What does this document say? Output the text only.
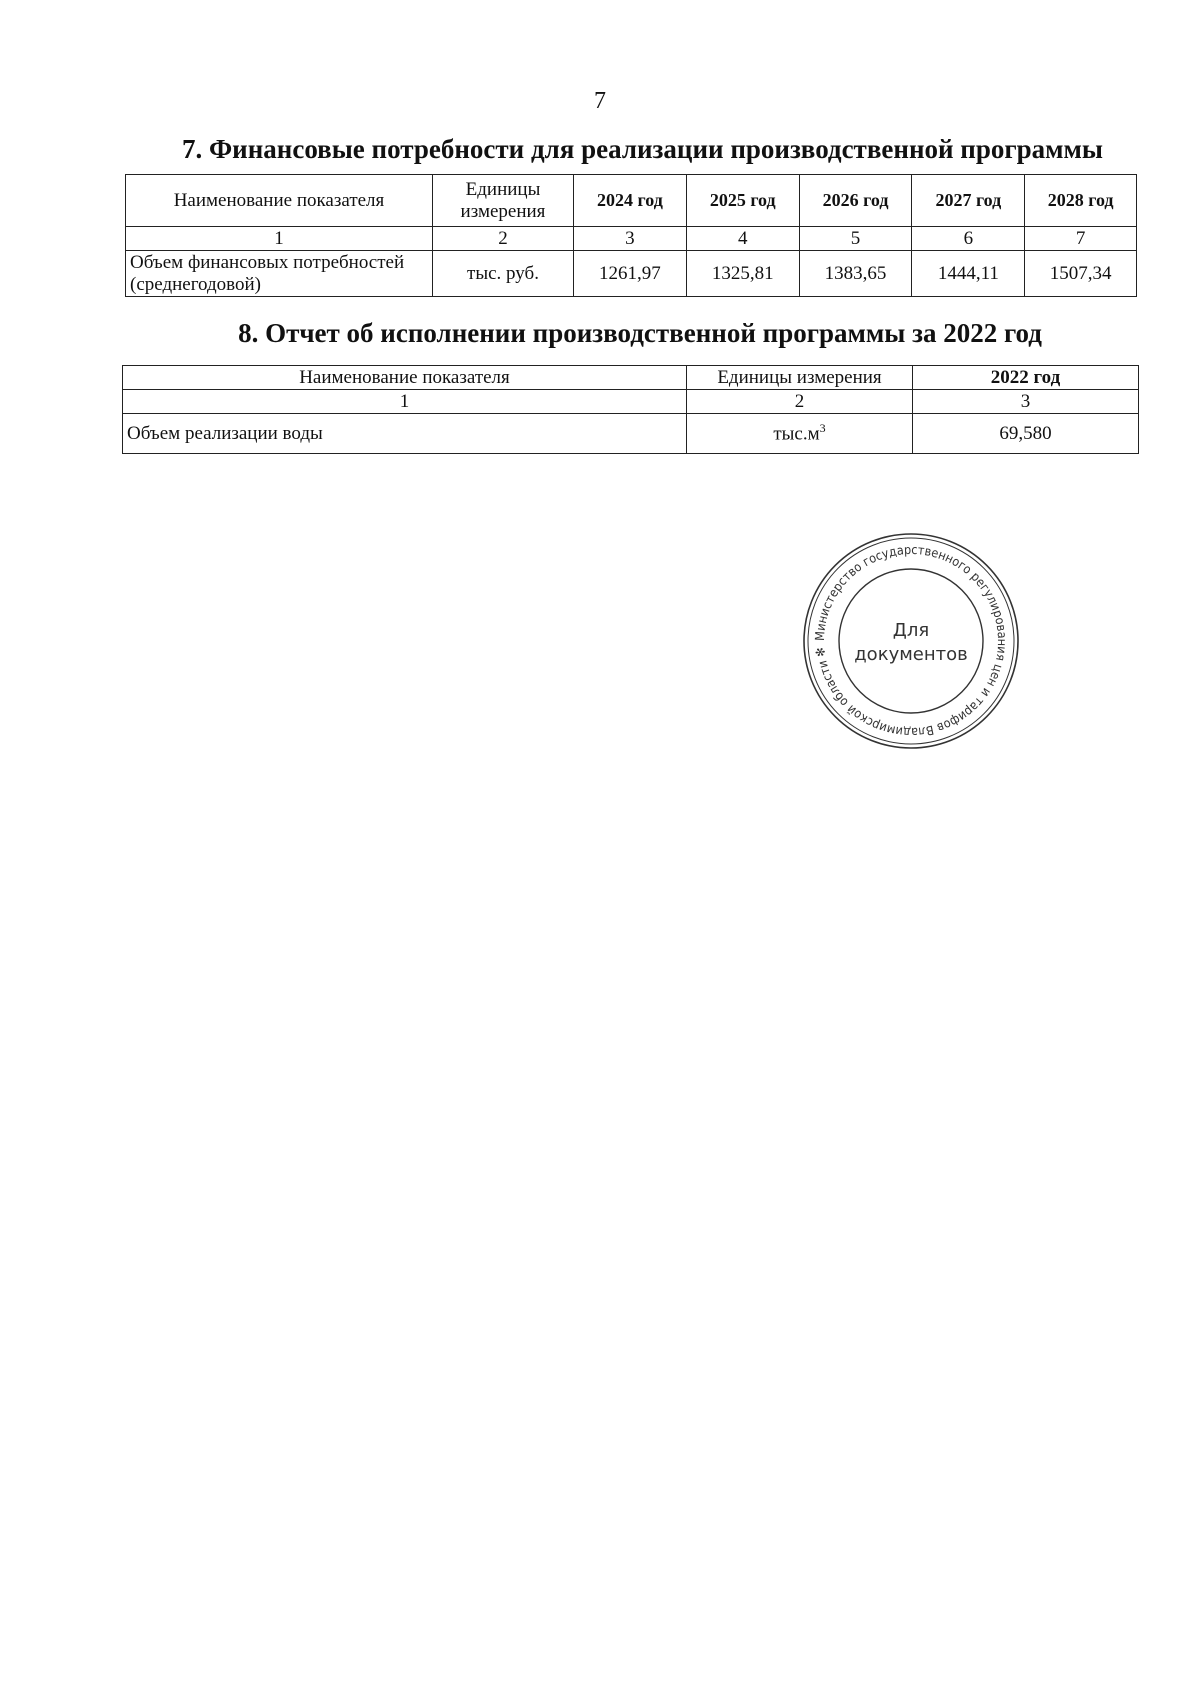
7
7. Финансовые потребности для реализации производственной программы
Наименование показателя	Единицы измерения	2024 год	2025 год	2026 год	2027 год	2028 год
1	2	3	4	5	6	7
Объем финансовых потребностей (среднегодовой)	тыс. руб.	1261,97	1325,81	1383,65	1444,11	1507,34
8. Отчет об исполнении производственной программы за 2022 год
Наименование показателя	Единицы измерения	2022 год
1	2	3
Объем реализации воды	$тыс.м^3$	69,580
Министерство государственного регулирования цен и тарифов Владимирской области ✻
Для
документов
